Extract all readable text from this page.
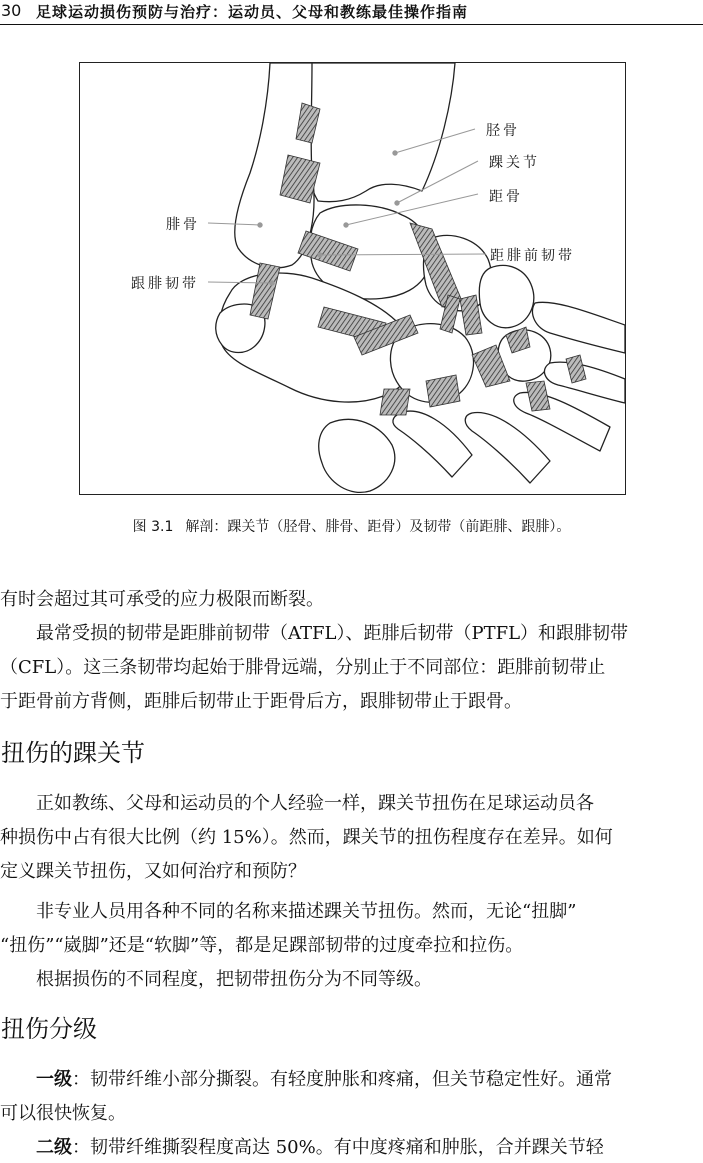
30 足球运动损伤预防与治疗：运动员、父母和教练最佳操作指南
胫骨
踝关节
距骨
腓骨
距腓前韧带
跟腓韧带
图 3.1 解剖：踝关节（胫骨、腓骨、距骨）及韧带（前距腓、跟腓）。
有时会超过其可承受的应力极限而断裂。
　　最常受损的韧带是距腓前韧带（ATFL）、距腓后韧带（PTFL）和跟腓韧带
（CFL）。这三条韧带均起始于腓骨远端，分别止于不同部位：距腓前韧带止
于距骨前方背侧，距腓后韧带止于距骨后方，跟腓韧带止于跟骨。
扭伤的踝关节
　　正如教练、父母和运动员的个人经验一样，踝关节扭伤在足球运动员各
种损伤中占有很大比例（约 15%）。然而，踝关节的扭伤程度存在差异。如何
定义踝关节扭伤，又如何治疗和预防？
　　非专业人员用各种不同的名称来描述踝关节扭伤。然而，无论“扭脚”
“扭伤”“崴脚”还是“软脚”等，都是足踝部韧带的过度牵拉和拉伤。
　　根据损伤的不同程度，把韧带扭伤分为不同等级。
扭伤分级
　　一级：韧带纤维小部分撕裂。有轻度肿胀和疼痛，但关节稳定性好。通常
可以很快恢复。
　　二级：韧带纤维撕裂程度高达 50%。有中度疼痛和肿胀，合并踝关节轻
